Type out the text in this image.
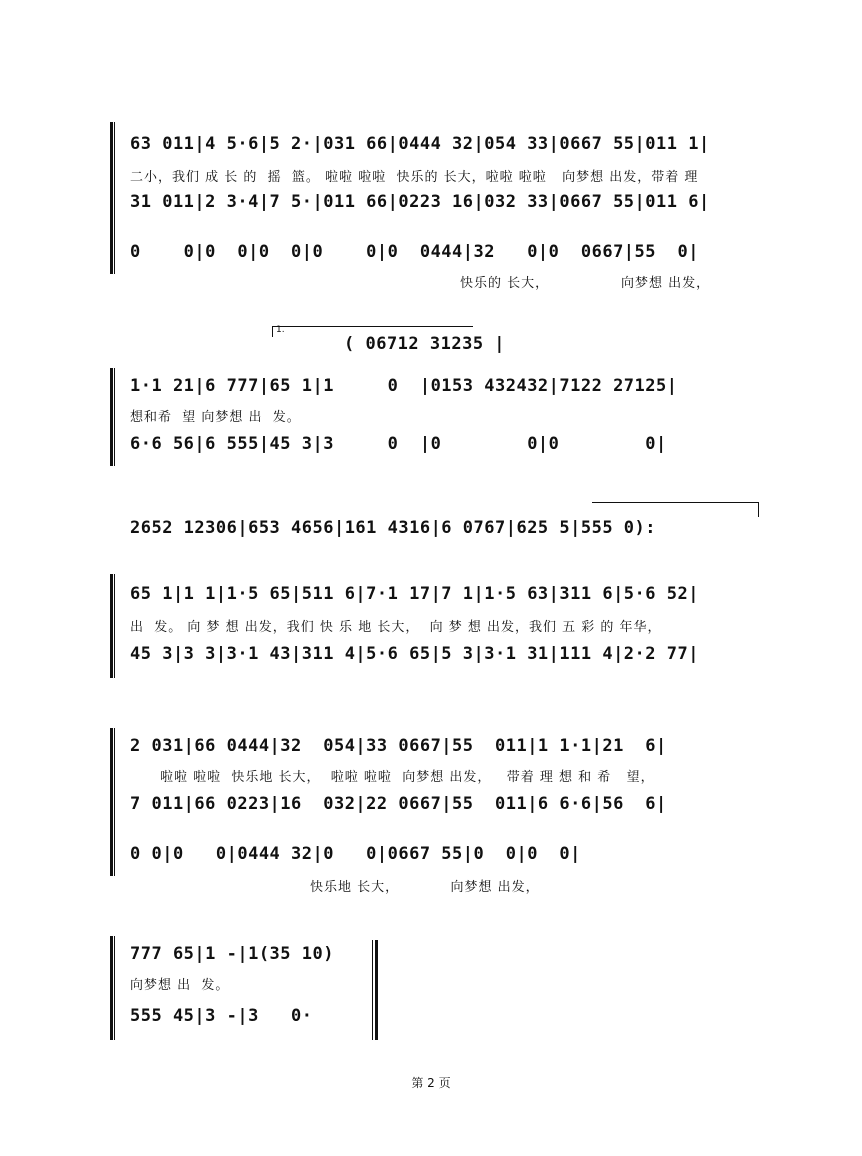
63 011|4 5·6|5 2·|031 66|0444 32|054 33|0667 55|011 1|
二小，我们 成 长 的  摇  篮。 啦啦 啦啦  快乐的 长大，啦啦 啦啦   向梦想 出发，带着 理
31 011|2 3·4|7 5·|011 66|0223 16|032 33|0667 55|011 6|
0    0|0  0|0  0|0    0|0  0444|32   0|0  0667|55  0|
快乐的 长大，              向梦想 出发，
1.
( 06712 31235 |
1·1 21|6 777|65 1|1     0  |0153 432432|7122 27125|
想和希  望 向梦想 出  发。
6·6 56|6 555|45 3|3     0  |0        0|0        0|
2652 12306|653 4656|161 4316|6 0767|625 5|555 0):
65 1|1 1|1·5 65|511 6|7·1 17|7 1|1·5 63|311 6|5·6 52|
出  发。 向 梦 想 出发，我们 快 乐 地 长大，  向 梦 想 出发，我们 五 彩 的 年华，
45 3|3 3|3·1 43|311 4|5·6 65|5 3|3·1 31|111 4|2·2 77|
2 031|66 0444|32  054|33 0667|55  011|1 1·1|21  6|
啦啦 啦啦  快乐地 长大，  啦啦 啦啦  向梦想 出发，   带着 理 想 和 希   望，
7 011|66 0223|16  032|22 0667|55  011|6 6·6|56  6|
0 0|0   0|0444 32|0   0|0667 55|0  0|0  0|
快乐地 长大，          向梦想 出发，
777 65|1 -|1(35 10)
向梦想 出  发。
555 45|3 -|3   0·
第 2 页
